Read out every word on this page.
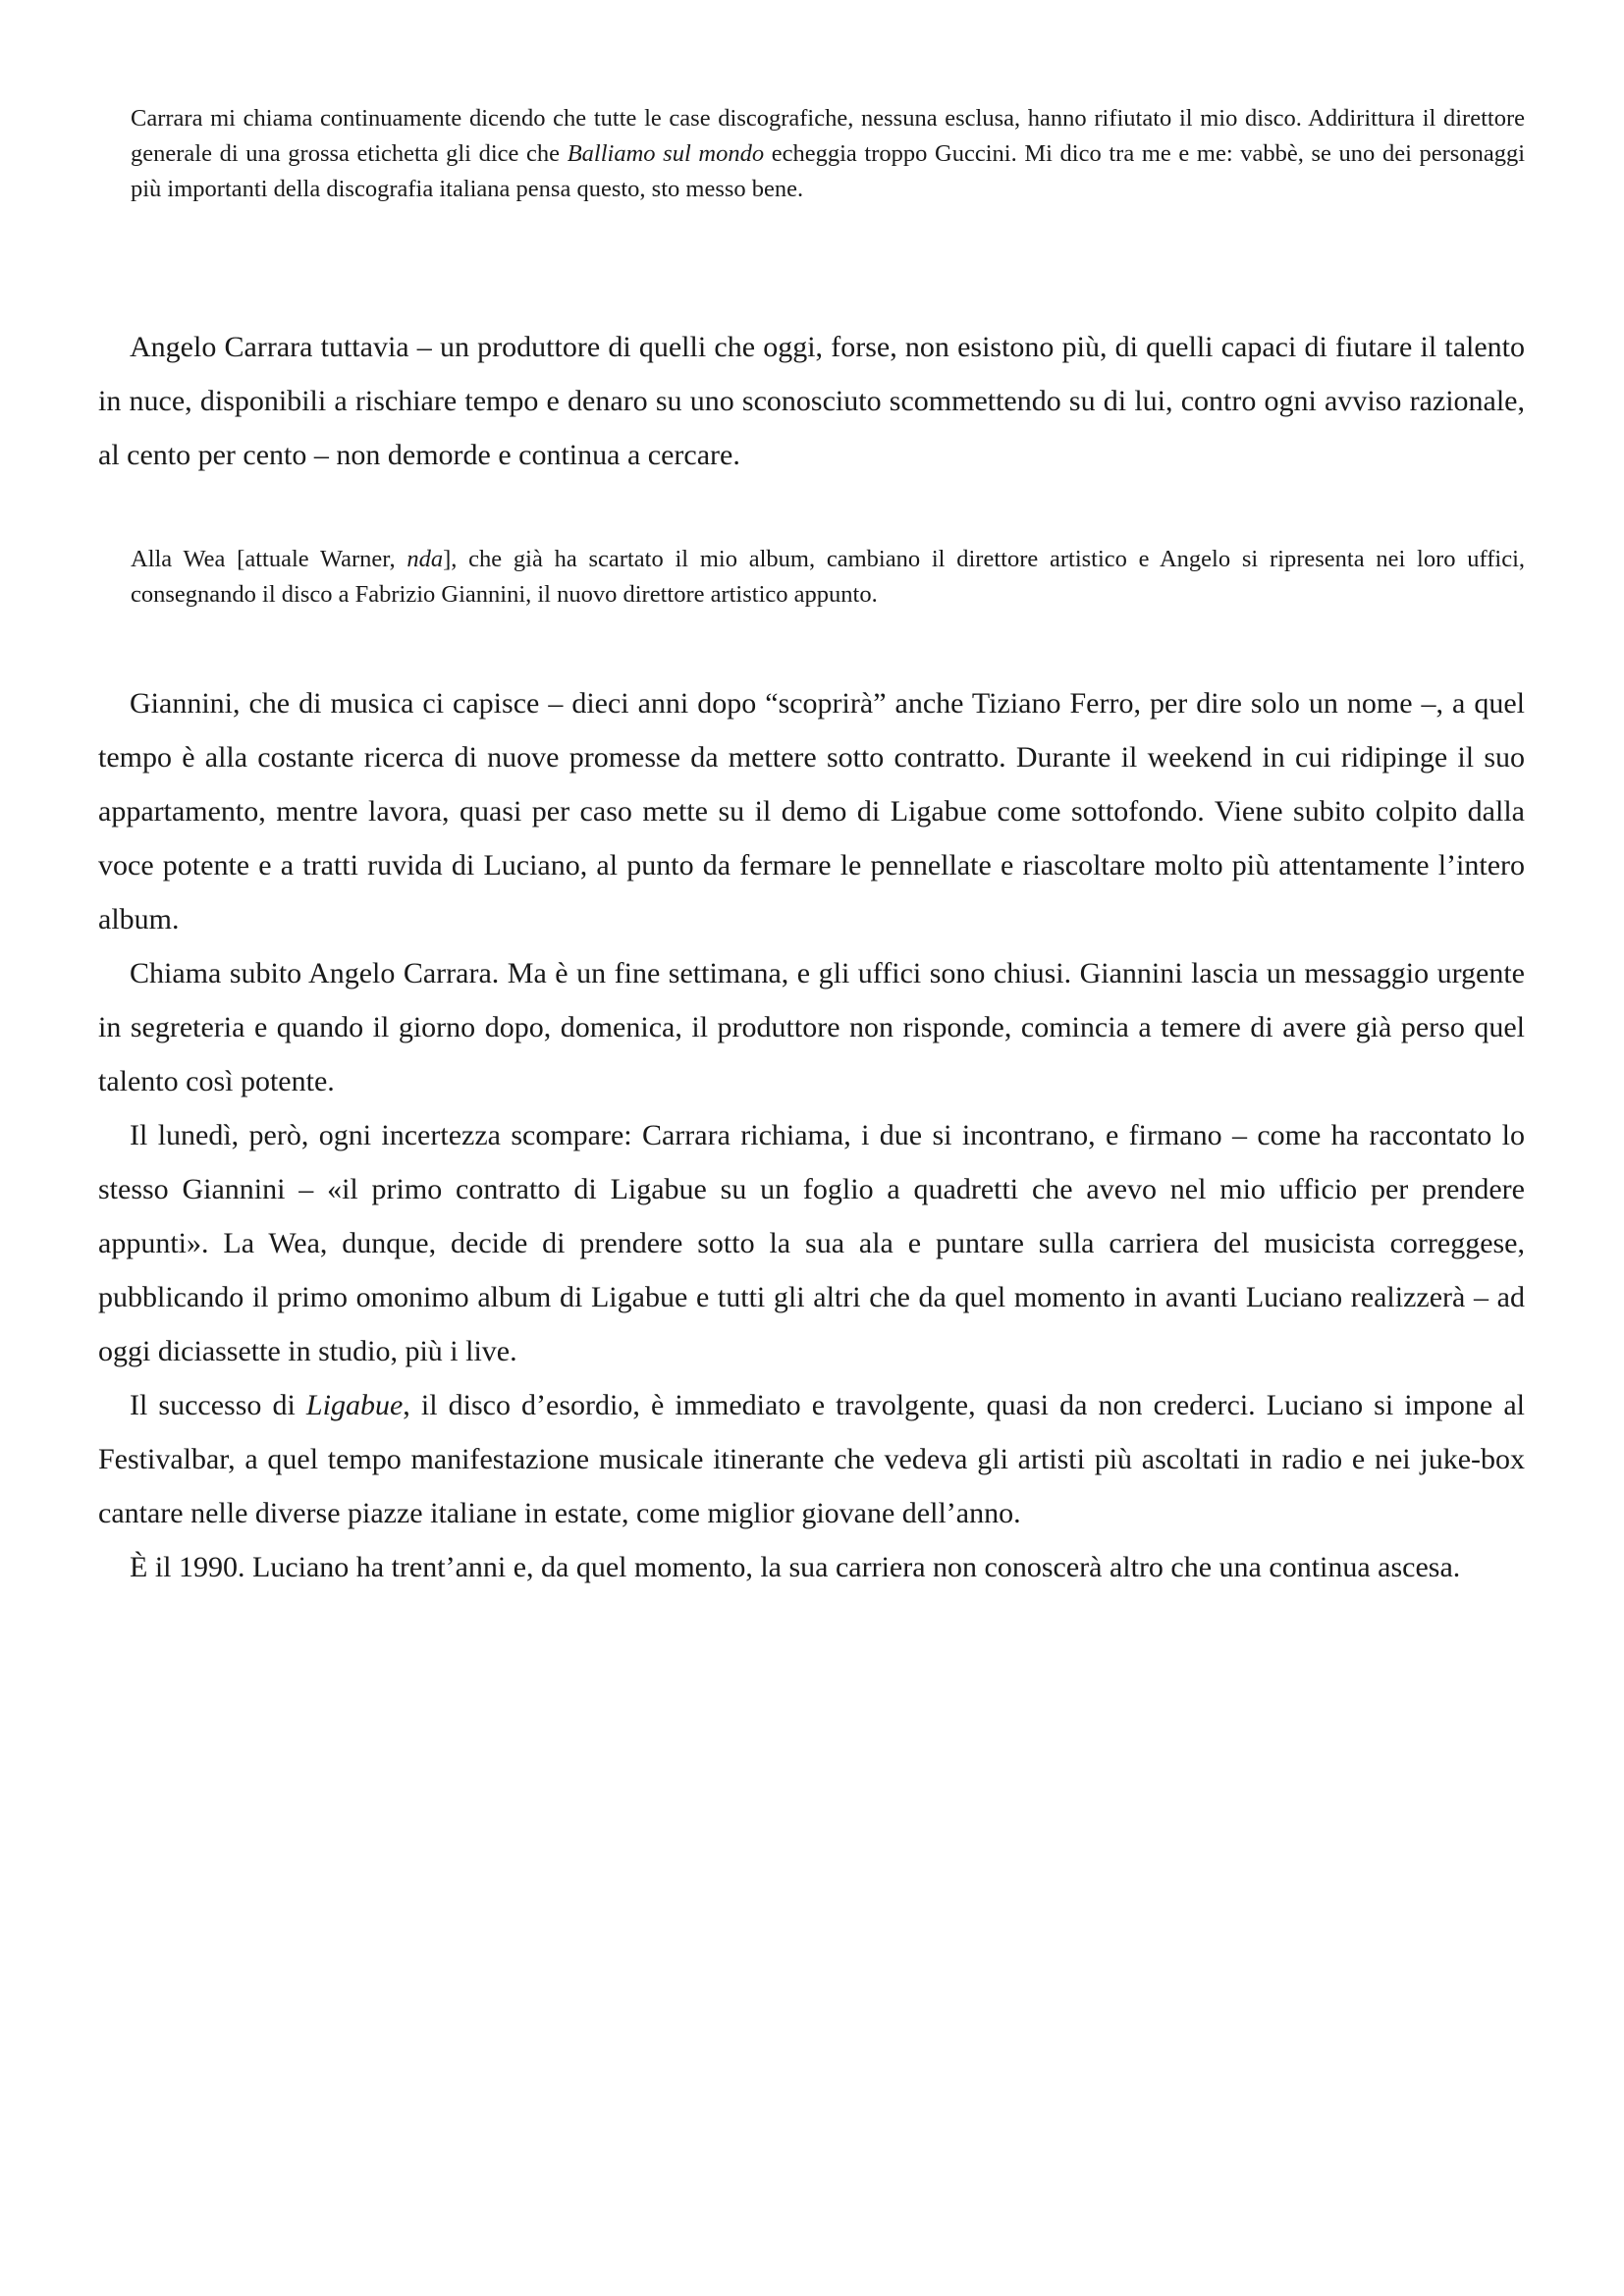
Carrara mi chiama continuamente dicendo che tutte le case discografiche, nessuna esclusa, hanno rifiutato il mio disco. Addirittura il direttore generale di una grossa etichetta gli dice che Balliamo sul mondo echeggia troppo Guccini. Mi dico tra me e me: vabbè, se uno dei personaggi più importanti della discografia italiana pensa questo, sto messo bene.

Angelo Carrara tuttavia – un produttore di quelli che oggi, forse, non esistono più, di quelli capaci di fiutare il talento in nuce, disponibili a rischiare tempo e denaro su uno sconosciuto scommettendo su di lui, contro ogni avviso razionale, al cento per cento – non demorde e continua a cercare.

Alla Wea [attuale Warner, nda], che già ha scartato il mio album, cambiano il direttore artistico e Angelo si ripresenta nei loro uffici, consegnando il disco a Fabrizio Giannini, il nuovo direttore artistico appunto.

Giannini, che di musica ci capisce – dieci anni dopo “scoprirà” anche Tiziano Ferro, per dire solo un nome –, a quel tempo è alla costante ricerca di nuove promesse da mettere sotto contratto. Durante il weekend in cui ridipinge il suo appartamento, mentre lavora, quasi per caso mette su il demo di Ligabue come sottofondo. Viene subito colpito dalla voce potente e a tratti ruvida di Luciano, al punto da fermare le pennellate e riascoltare molto più attentamente l’intero album.

Chiama subito Angelo Carrara. Ma è un fine settimana, e gli uffici sono chiusi. Giannini lascia un messaggio urgente in segreteria e quando il giorno dopo, domenica, il produttore non risponde, comincia a temere di avere già perso quel talento così potente.

Il lunedì, però, ogni incertezza scompare: Carrara richiama, i due si incontrano, e firmano – come ha raccontato lo stesso Giannini – «il primo contratto di Ligabue su un foglio a quadretti che avevo nel mio ufficio per prendere appunti». La Wea, dunque, decide di prendere sotto la sua ala e puntare sulla carriera del musicista correggese, pubblicando il primo omonimo album di Ligabue e tutti gli altri che da quel momento in avanti Luciano realizzerà – ad oggi diciassette in studio, più i live.

Il successo di Ligabue, il disco d’esordio, è immediato e travolgente, quasi da non crederci. Luciano si impone al Festivalbar, a quel tempo manifestazione musicale itinerante che vedeva gli artisti più ascoltati in radio e nei juke-box cantare nelle diverse piazze italiane in estate, come miglior giovane dell’anno.

È il 1990. Luciano ha trent’anni e, da quel momento, la sua carriera non conoscerà altro che una continua ascesa.
